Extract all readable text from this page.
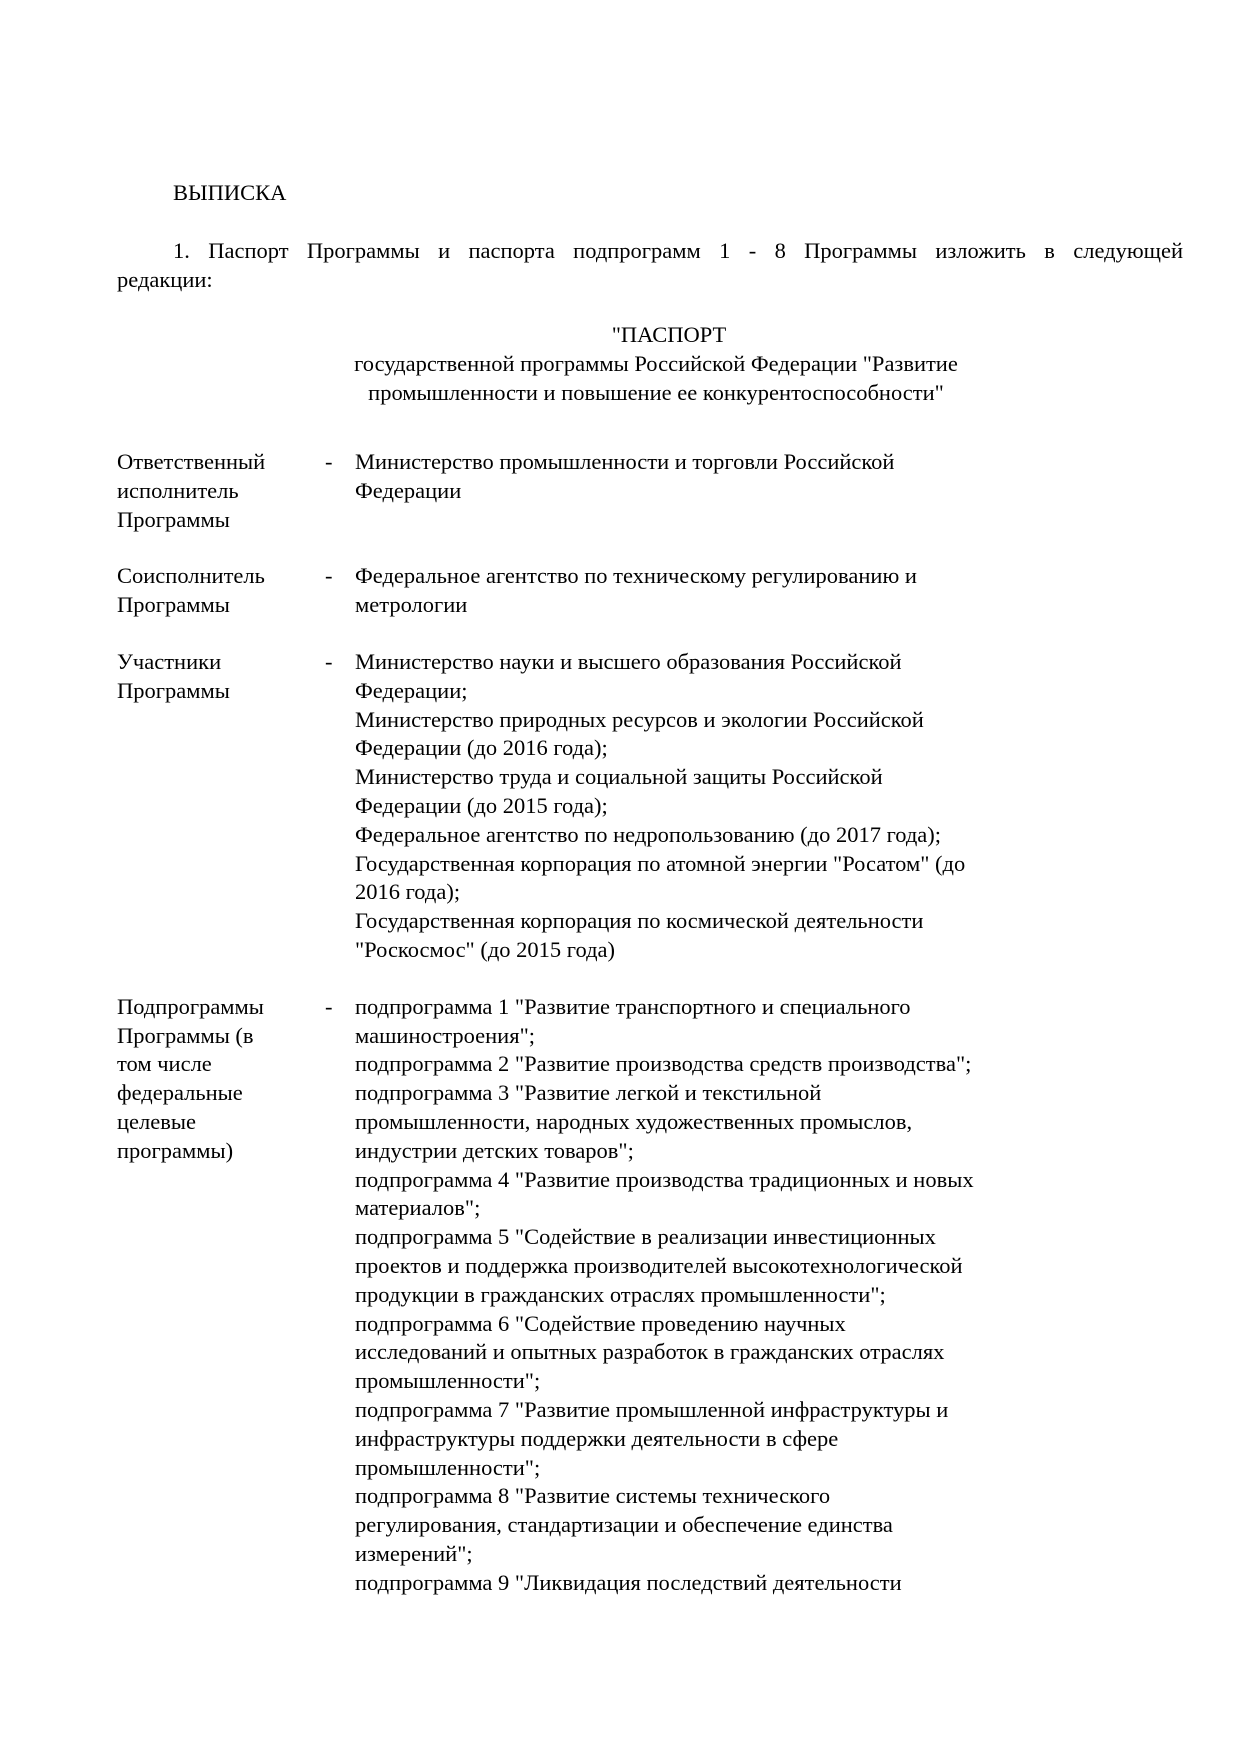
ВЫПИСКА
1. Паспорт Программы и паспорта подпрограмм 1 - 8 Программы изложить в следующей
редакции:
"ПАСПОРТ
государственной программы Российской Федерации "Развитие
промышленности и повышение ее конкурентоспособности"
Ответственный
исполнитель
Программы
-	Министерство промышленности и торговли Российской
Федерации
Соисполнитель
Программы
-	Федеральное агентство по техническому регулированию и
метрологии
Участники
Программы
-	Министерство науки и высшего образования Российской
Федерации;
Министерство природных ресурсов и экологии Российской
Федерации (до 2016 года);
Министерство труда и социальной защиты Российской
Федерации (до 2015 года);
Федеральное агентство по недропользованию (до 2017 года);
Государственная корпорация по атомной энергии "Росатом" (до
2016 года);
Государственная корпорация по космической деятельности
"Роскосмос" (до 2015 года)
Подпрограммы
Программы (в
том числе
федеральные
целевые
программы)
-	подпрограмма 1 "Развитие транспортного и специального
машиностроения";
подпрограмма 2 "Развитие производства средств производства";
подпрограмма 3 "Развитие легкой и текстильной
промышленности, народных художественных промыслов,
индустрии детских товаров";
подпрограмма 4 "Развитие производства традиционных и новых
материалов";
подпрограмма 5 "Содействие в реализации инвестиционных
проектов и поддержка производителей высокотехнологической
продукции в гражданских отраслях промышленности";
подпрограмма 6 "Содействие проведению научных
исследований и опытных разработок в гражданских отраслях
промышленности";
подпрограмма 7 "Развитие промышленной инфраструктуры и
инфраструктуры поддержки деятельности в сфере
промышленности";
подпрограмма 8 "Развитие системы технического
регулирования, стандартизации и обеспечение единства
измерений";
подпрограмма 9 "Ликвидация последствий деятельности
